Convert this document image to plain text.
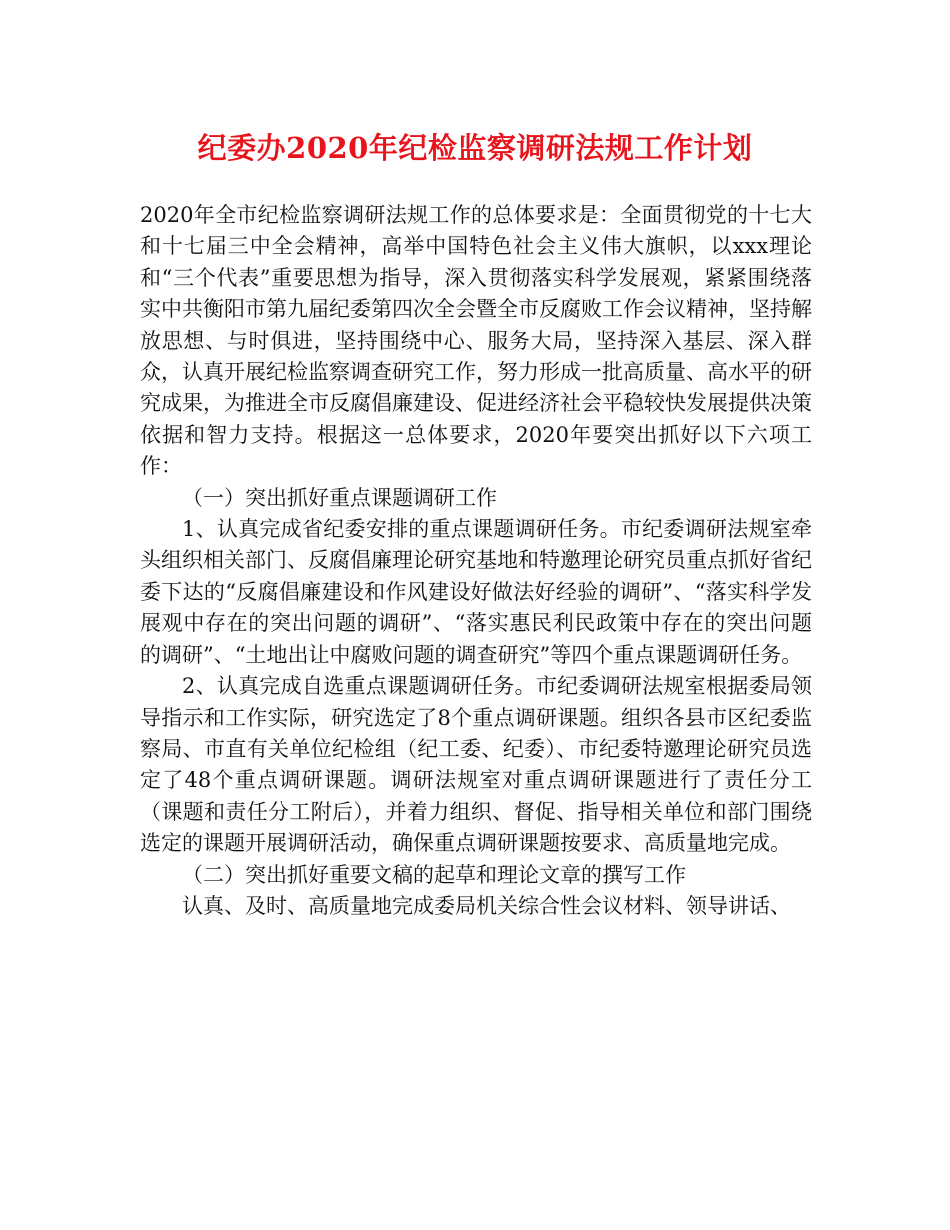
纪委办2020年纪检监察调研法规工作计划

2020年全市纪检监察调研法规工作的总体要求是：全面贯彻党的十七大和十七届三中全会精神，高举中国特色社会主义伟大旗帜，以xxx理论和“三个代表”重要思想为指导，深入贯彻落实科学发展观，紧紧围绕落实中共衡阳市第九届纪委第四次全会暨全市反腐败工作会议精神，坚持解放思想、与时俱进，坚持围绕中心、服务大局，坚持深入基层、深入群众，认真开展纪检监察调查研究工作，努力形成一批高质量、高水平的研究成果，为推进全市反腐倡廉建设、促进经济社会平稳较快发展提供决策依据和智力支持。根据这一总体要求，2020年要突出抓好以下六项工作：

（一）突出抓好重点课题调研工作

1、认真完成省纪委安排的重点课题调研任务。市纪委调研法规室牵头组织相关部门、反腐倡廉理论研究基地和特邀理论研究员重点抓好省纪委下达的“反腐倡廉建设和作风建设好做法好经验的调研”、“落实科学发展观中存在的突出问题的调研”、“落实惠民利民政策中存在的突出问题的调研”、“土地出让中腐败问题的调查研究”等四个重点课题调研任务。

2、认真完成自选重点课题调研任务。市纪委调研法规室根据委局领导指示和工作实际，研究选定了8个重点调研课题。组织各县市区纪委监察局、市直有关单位纪检组（纪工委、纪委）、市纪委特邀理论研究员选定了48个重点调研课题。调研法规室对重点调研课题进行了责任分工（课题和责任分工附后），并着力组织、督促、指导相关单位和部门围绕选定的课题开展调研活动，确保重点调研课题按要求、高质量地完成。

（二）突出抓好重要文稿的起草和理论文章的撰写工作

认真、及时、高质量地完成委局机关综合性会议材料、领导讲话、
